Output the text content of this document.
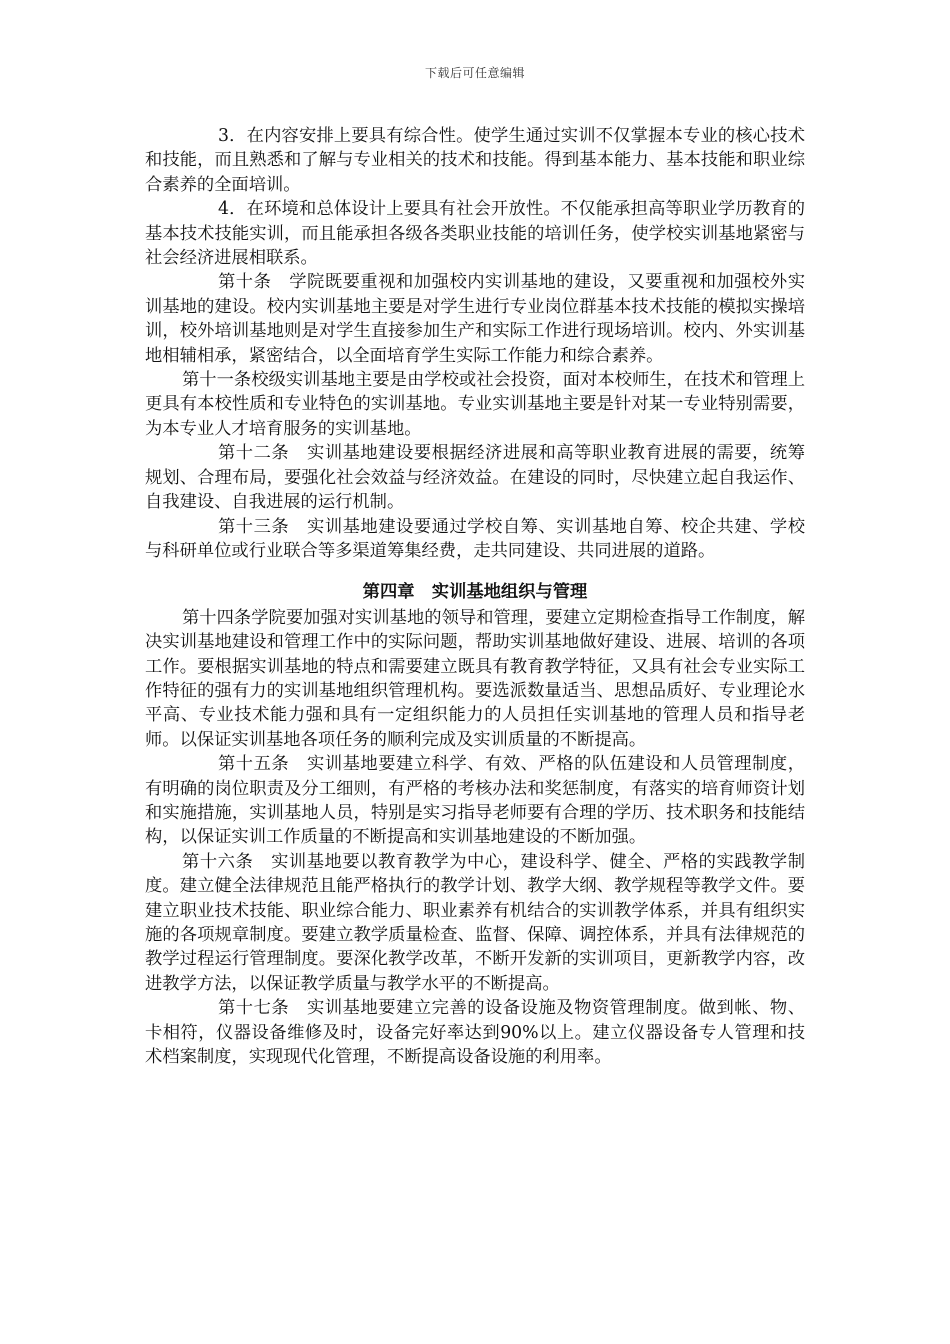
下载后可任意编辑

3．在内容安排上要具有综合性。使学生通过实训不仅掌握本专业的核心技术和技能，而且熟悉和了解与专业相关的技术和技能。得到基本能力、基本技能和职业综合素养的全面培训。

4．在环境和总体设计上要具有社会开放性。不仅能承担高等职业学历教育的基本技术技能实训，而且能承担各级各类职业技能的培训任务，使学校实训基地紧密与社会经济进展相联系。

第十条　学院既要重视和加强校内实训基地的建设，又要重视和加强校外实训基地的建设。校内实训基地主要是对学生进行专业岗位群基本技术技能的模拟实操培训，校外培训基地则是对学生直接参加生产和实际工作进行现场培训。校内、外实训基地相辅相承，紧密结合，以全面培育学生实际工作能力和综合素养。

第十一条校级实训基地主要是由学校或社会投资，面对本校师生，在技术和管理上更具有本校性质和专业特色的实训基地。专业实训基地主要是针对某一专业特别需要，为本专业人才培育服务的实训基地。

第十二条　实训基地建设要根据经济进展和高等职业教育进展的需要，统筹规划、合理布局，要强化社会效益与经济效益。在建设的同时，尽快建立起自我运作、自我建设、自我进展的运行机制。

第十三条　实训基地建设要通过学校自筹、实训基地自筹、校企共建、学校与科研单位或行业联合等多渠道筹集经费，走共同建设、共同进展的道路。

第四章　实训基地组织与管理

第十四条学院要加强对实训基地的领导和管理，要建立定期检查指导工作制度，解决实训基地建设和管理工作中的实际问题，帮助实训基地做好建设、进展、培训的各项工作。要根据实训基地的特点和需要建立既具有教育教学特征，又具有社会专业实际工作特征的强有力的实训基地组织管理机构。要选派数量适当、思想品质好、专业理论水平高、专业技术能力强和具有一定组织能力的人员担任实训基地的管理人员和指导老师。以保证实训基地各项任务的顺利完成及实训质量的不断提高。

第十五条　实训基地要建立科学、有效、严格的队伍建设和人员管理制度，有明确的岗位职责及分工细则，有严格的考核办法和奖惩制度，有落实的培育师资计划和实施措施，实训基地人员，特别是实习指导老师要有合理的学历、技术职务和技能结构，以保证实训工作质量的不断提高和实训基地建设的不断加强。

第十六条　实训基地要以教育教学为中心，建设科学、健全、严格的实践教学制度。建立健全法律规范且能严格执行的教学计划、教学大纲、教学规程等教学文件。要建立职业技术技能、职业综合能力、职业素养有机结合的实训教学体系，并具有组织实施的各项规章制度。要建立教学质量检查、监督、保障、调控体系，并具有法律规范的教学过程运行管理制度。要深化教学改革，不断开发新的实训项目，更新教学内容，改进教学方法，以保证教学质量与教学水平的不断提高。

第十七条　实训基地要建立完善的设备设施及物资管理制度。做到帐、物、卡相符，仪器设备维修及时，设备完好率达到90%以上。建立仪器设备专人管理和技术档案制度，实现现代化管理，不断提高设备设施的利用率。
